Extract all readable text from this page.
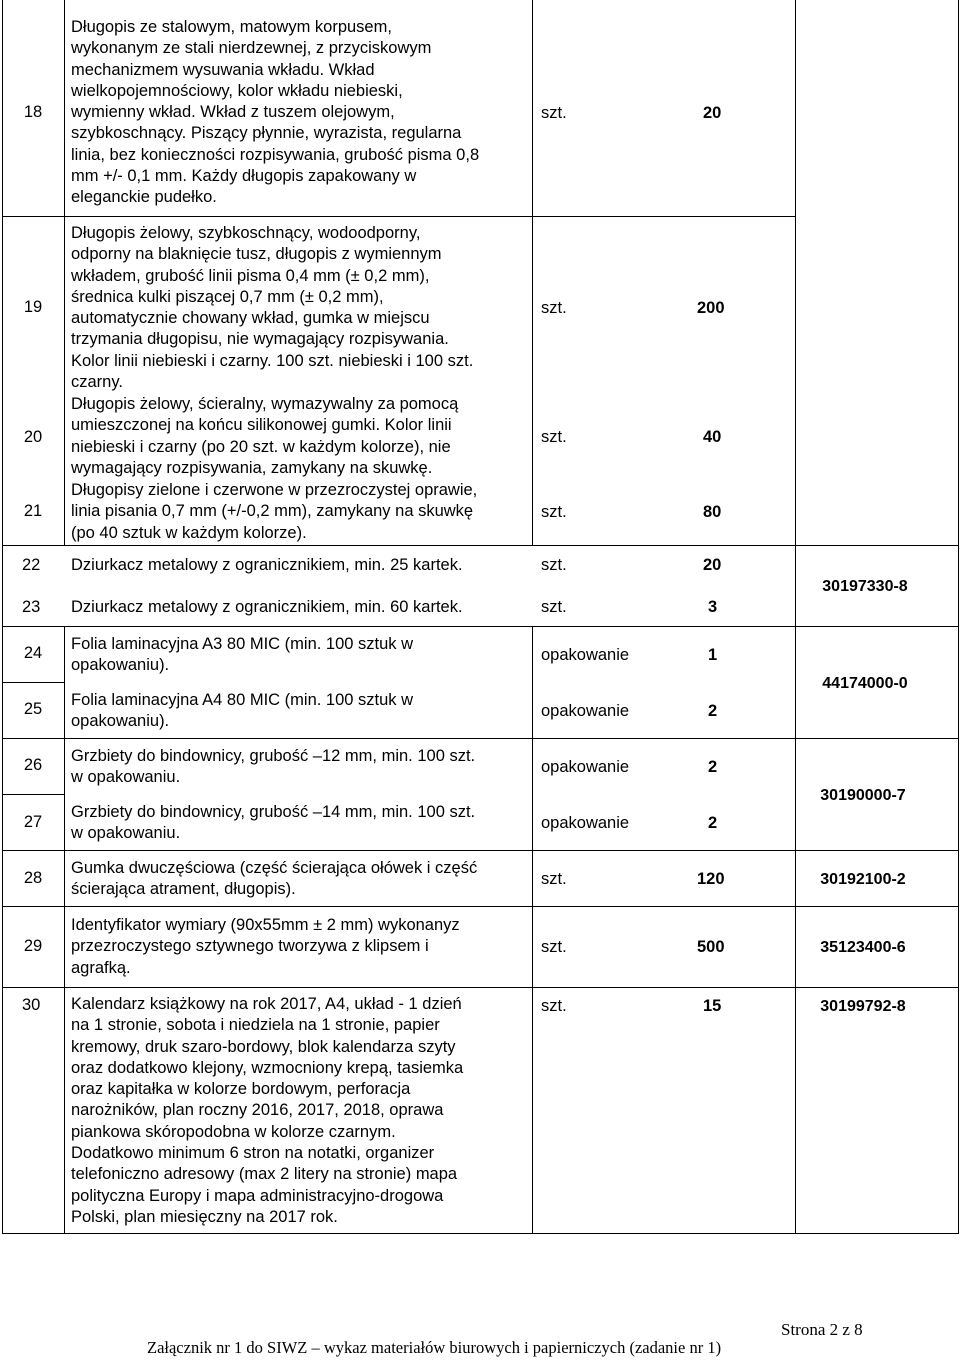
18
Długopis ze stalowym, matowym korpusem,
wykonanym ze stali nierdzewnej, z przyciskowym
mechanizmem wysuwania wkładu. Wkład
wielkopojemnościowy, kolor wkładu niebieski,
wymienny wkład. Wkład z tuszem olejowym,
szybkoschnący. Piszący płynnie, wyrazista, regularna
linia, bez konieczności rozpisywania, grubość pisma 0,8
mm +/- 0,1 mm. Każdy długopis zapakowany w
eleganckie pudełko.
szt.	20
19
Długopis żelowy, szybkoschnący, wodoodporny,
odporny na blaknięcie tusz, długopis z wymiennym
wkładem, grubość linii pisma 0,4 mm (± 0,2 mm),
średnica kulki piszącej 0,7 mm (± 0,2 mm),
automatycznie chowany wkład, gumka w miejscu
trzymania długopisu, nie wymagający rozpisywania.
Kolor linii niebieski i czarny. 100 szt. niebieski i 100 szt.
czarny.
szt.	200
20
Długopis żelowy, ścieralny, wymazywalny za pomocą
umieszczonej na końcu silikonowej gumki. Kolor linii
niebieski i czarny (po 20 szt. w każdym kolorze), nie
wymagający rozpisywania, zamykany na skuwkę.
szt.	40
21
Długopisy zielone i czerwone w przezroczystej oprawie,
linia pisania 0,7 mm (+/-0,2 mm), zamykany na skuwkę
(po 40 sztuk w każdym kolorze).
szt.	80
22 Dziurkacz metalowy z ogranicznikiem, min. 25 kartek.	szt.	20
23 Dziurkacz metalowy z ogranicznikiem, min. 60 kartek.	szt.	3
30197330-8
24	Folia laminacyjna A3 80 MIC (min. 100 sztuk w
opakowaniu).
opakowanie	1
25	Folia laminacyjna A4 80 MIC (min. 100 sztuk w
opakowaniu).
opakowanie	2
44174000-0
26	Grzbiety do bindownicy, grubość –12 mm, min. 100 szt.
w opakowaniu.
opakowanie	2
27
Grzbiety do bindownicy, grubość –14 mm, min. 100 szt.
w opakowaniu.
opakowanie	2
30190000-7
28
Gumka dwuczęściowa (część ścierająca ołówek i część
ścierająca atrament, długopis).
szt.	120	30192100-2
29
Identyfikator wymiary (90x55mm ± 2 mm) wykonanyz
przezroczystego sztywnego tworzywa z klipsem i
agrafką.
szt.	500	35123400-6
30 Kalendarz książkowy na rok 2017, A4, układ - 1 dzień
na 1 stronie, sobota i niedziela na 1 stronie, papier
kremowy, druk szaro-bordowy, blok kalendarza szyty
oraz dodatkowo klejony, wzmocniony krepą, tasiemka
oraz kapitałka w kolorze bordowym, perforacja
narożników, plan roczny 2016, 2017, 2018, oprawa
piankowa skóropodobna w kolorze czarnym.
Dodatkowo minimum 6 stron na notatki, organizer
telefoniczno adresowy (max 2 litery na stronie) mapa
polityczna Europy i mapa administracyjno-drogowa
Polski, plan miesięczny na 2017 rok.
szt.	15	30199792-8
Strona 2 z 8
Załącznik nr 1 do SIWZ – wykaz materiałów biurowych i papierniczych (zadanie nr 1)
